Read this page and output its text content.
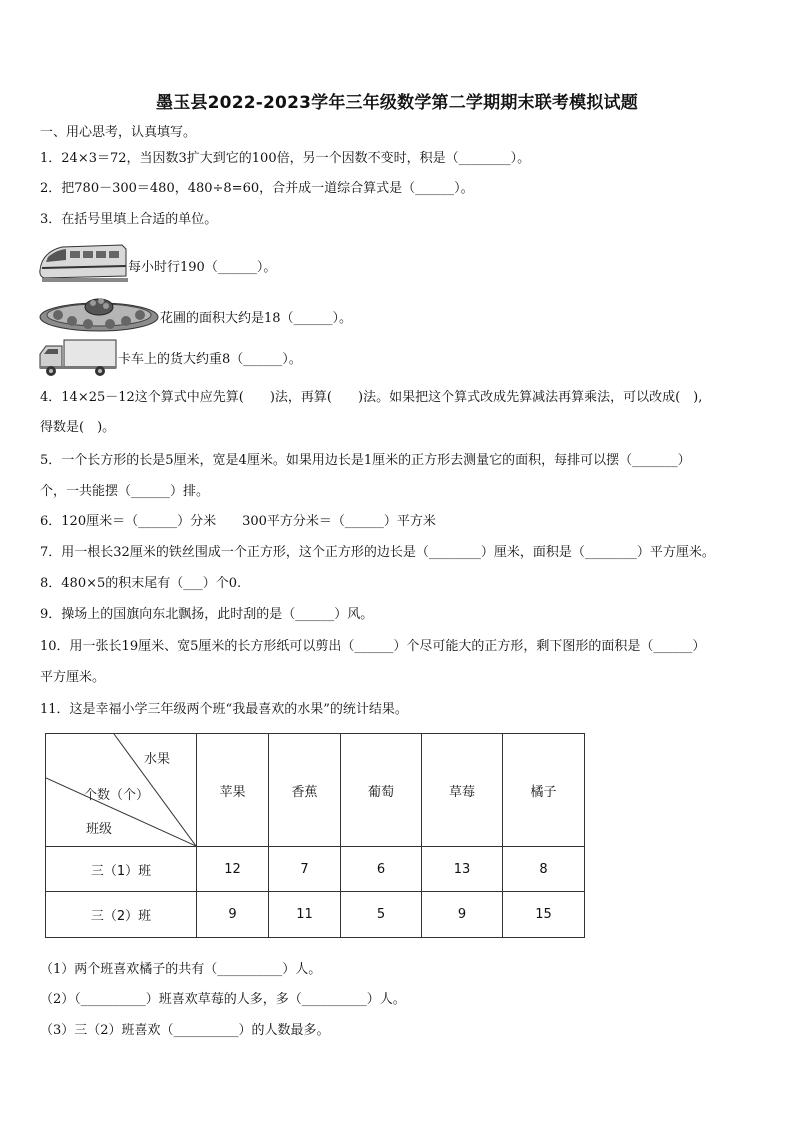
墨玉县2022-2023学年三年级数学第二学期期末联考模拟试题
一、用心思考，认真填写。
1．24×3＝72，当因数3扩大到它的100倍，另一个因数不变时，积是（________）。
2．把780－300＝480，480÷8=60，合并成一道综合算式是（______）。
3．在括号里填上合适的单位。
每小时行190（______）。
花圃的面积大约是18（______）。
卡车上的货大约重8（______）。
4．14×25－12这个算式中应先算(　　)法，再算(　　)法。如果把这个算式改成先算减法再算乘法，可以改成(　),
得数是(　)。
5．一个长方形的长是5厘米，宽是4厘米。如果用边长是1厘米的正方形去测量它的面积，每排可以摆（_______）
个，一共能摆（______）排。
6．120厘米＝（______）分米　　300平方分米＝（______）平方米
7．用一根长32厘米的铁丝围成一个正方形，这个正方形的边长是（________）厘米，面积是（________）平方厘米。
8．480×5的积末尾有（___）个0.
9．操场上的国旗向东北飘扬，此时刮的是（______）风。
10．用一张长19厘米、宽5厘米的长方形纸可以剪出（______）个尽可能大的正方形，剩下图形的面积是（______）
平方厘米。
11．这是幸福小学三年级两个班“我最喜欢的水果”的统计结果。
水果
个数（个）
班级	苹果	香蕉	葡萄	草莓	橘子
三（1）班	12	7	6	13	8
三（2）班	9	11	5	9	15
（1）两个班喜欢橘子的共有（__________）人。
（2）（__________）班喜欢草莓的人多，多（__________）人。
（3）三（2）班喜欢（__________）的人数最多。
